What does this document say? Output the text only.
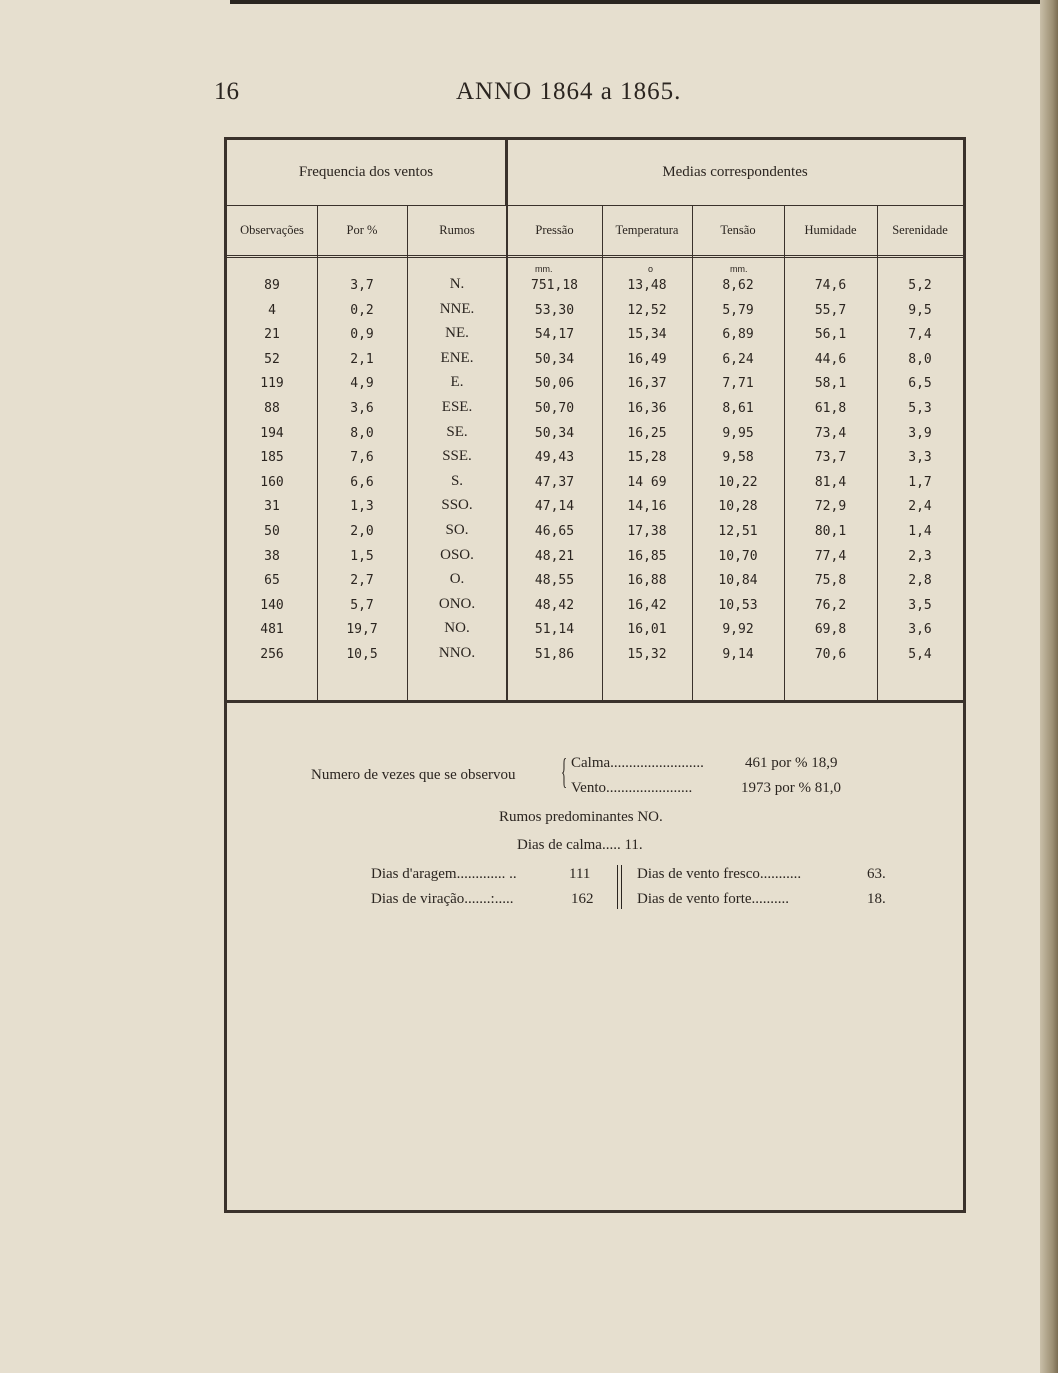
16	ANNO 1864 a 1865.
Frequencia dos ventos	Medias correspondentes
Observações	Por %	Rumos	Pressão	Temperatura	Tensão	Humidade	Serenidade
mm.	o	mm.
89	3,7	N.	751,18	13,48	8,62	74,6	5,2
4	0,2	NNE.	53,30	12,52	5,79	55,7	9,5
21	0,9	NE.	54,17	15,34	6,89	56,1	7,4
52	2,1	ENE.	50,34	16,49	6,24	44,6	8,0
119	4,9	E.	50,06	16,37	7,71	58,1	6,5
88	3,6	ESE.	50,70	16,36	8,61	61,8	5,3
194	8,0	SE.	50,34	16,25	9,95	73,4	3,9
185	7,6	SSE.	49,43	15,28	9,58	73,7	3,3
160	6,6	S.	47,37	14 69	10,22	81,4	1,7
31	1,3	SSO.	47,14	14,16	10,28	72,9	2,4
50	2,0	SO.	46,65	17,38	12,51	80,1	1,4
38	1,5	OSO.	48,21	16,85	10,70	77,4	2,3
65	2,7	O.	48,55	16,88	10,84	75,8	2,8
140	5,7	ONO.	48,42	16,42	10,53	76,2	3,5
481	19,7	NO.	51,14	16,01	9,92	69,8	3,6
256	10,5	NNO.	51,86	15,32	9,14	70,6	5,4
Numero de vezes que se observou { Calma.........................	461 por % 18,9
Vento.......................	1973 por % 81,0
Rumos predominantes NO.
Dias de calma..... 11.
Dias d'aragem............. ..	111
Dias de viração.......:.....	162
Dias de vento fresco...........	63.
Dias de vento forte..........	18.
